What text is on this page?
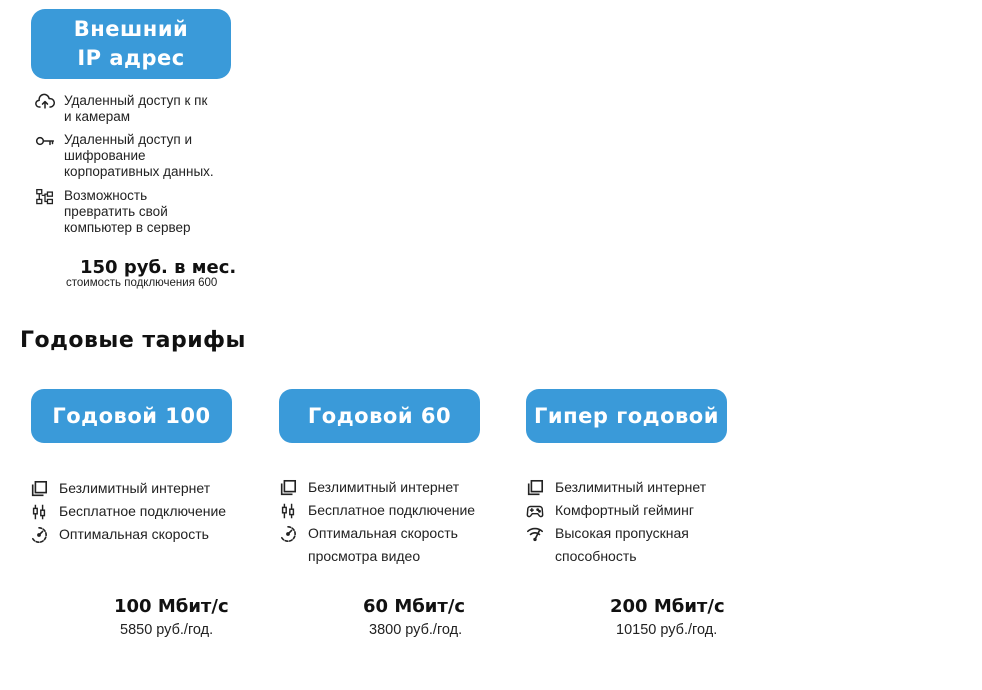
Внешний
IP адрес
Удаленный доступ к пк
и камерам
Удаленный доступ и
шифрование
корпоративных данных.
Возможность
превратить свой
компьютер в сервер
150 руб. в мес.
стоимость подключения 600
Годовые тарифы
Годовой 100
Безлимитный интернет
Бесплатное подключение
Оптимальная скорость
100 Мбит/с
5850 руб./год.
Годовой 60
Безлимитный интернет
Бесплатное подключение
Оптимальная скорость
просмотра видео
60 Мбит/с
3800 руб./год.
Гипер годовой
Безлимитный интернет
Комфортный гейминг
Высокая пропускная
способность
200 Мбит/с
10150 руб./год.
